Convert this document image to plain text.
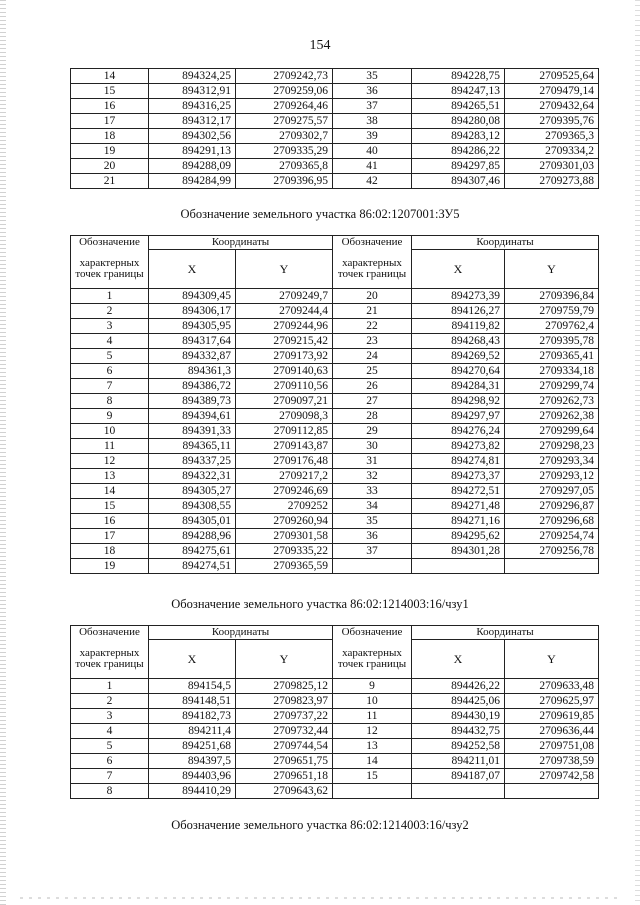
154
14	894324,25	2709242,73	35	894228,75	2709525,64
15	894312,91	2709259,06	36	894247,13	2709479,14
16	894316,25	2709264,46	37	894265,51	2709432,64
17	894312,17	2709275,57	38	894280,08	2709395,76
18	894302,56	2709302,7	39	894283,12	2709365,3
19	894291,13	2709335,29	40	894286,22	2709334,2
20	894288,09	2709365,8	41	894297,85	2709301,03
21	894284,99	2709396,95	42	894307,46	2709273,88
Обозначение земельного участка 86:02:1207001:ЗУ5
Обозначение	Координаты		Обозначение	Координаты	
характерных точек границы	X	Y	характерных точек границы	X	Y
1	894309,45	2709249,7	20	894273,39	2709396,84
2	894306,17	2709244,4	21	894126,27	2709759,79
3	894305,95	2709244,96	22	894119,82	2709762,4
4	894317,64	2709215,42	23	894268,43	2709395,78
5	894332,87	2709173,92	24	894269,52	2709365,41
6	894361,3	2709140,63	25	894270,64	2709334,18
7	894386,72	2709110,56	26	894284,31	2709299,74
8	894389,73	2709097,21	27	894298,92	2709262,73
9	894394,61	2709098,3	28	894297,97	2709262,38
10	894391,33	2709112,85	29	894276,24	2709299,64
11	894365,11	2709143,87	30	894273,82	2709298,23
12	894337,25	2709176,48	31	894274,81	2709293,34
13	894322,31	2709217,2	32	894273,37	2709293,12
14	894305,27	2709246,69	33	894272,51	2709297,05
15	894308,55	2709252	34	894271,48	2709296,87
16	894305,01	2709260,94	35	894271,16	2709296,68
17	894288,96	2709301,58	36	894295,62	2709254,74
18	894275,61	2709335,22	37	894301,28	2709256,78
19	894274,51	2709365,59			
Обозначение земельного участка 86:02:1214003:16/чзу1
Обозначение	Координаты		Обозначение	Координаты	
характерных точек границы	X	Y	характерных точек границы	X	Y
1	894154,5	2709825,12	9	894426,22	2709633,48
2	894148,51	2709823,97	10	894425,06	2709625,97
3	894182,73	2709737,22	11	894430,19	2709619,85
4	894211,4	2709732,44	12	894432,75	2709636,44
5	894251,68	2709744,54	13	894252,58	2709751,08
6	894397,5	2709651,75	14	894211,01	2709738,59
7	894403,96	2709651,18	15	894187,07	2709742,58
8	894410,29	2709643,62			
Обозначение земельного участка 86:02:1214003:16/чзу2
